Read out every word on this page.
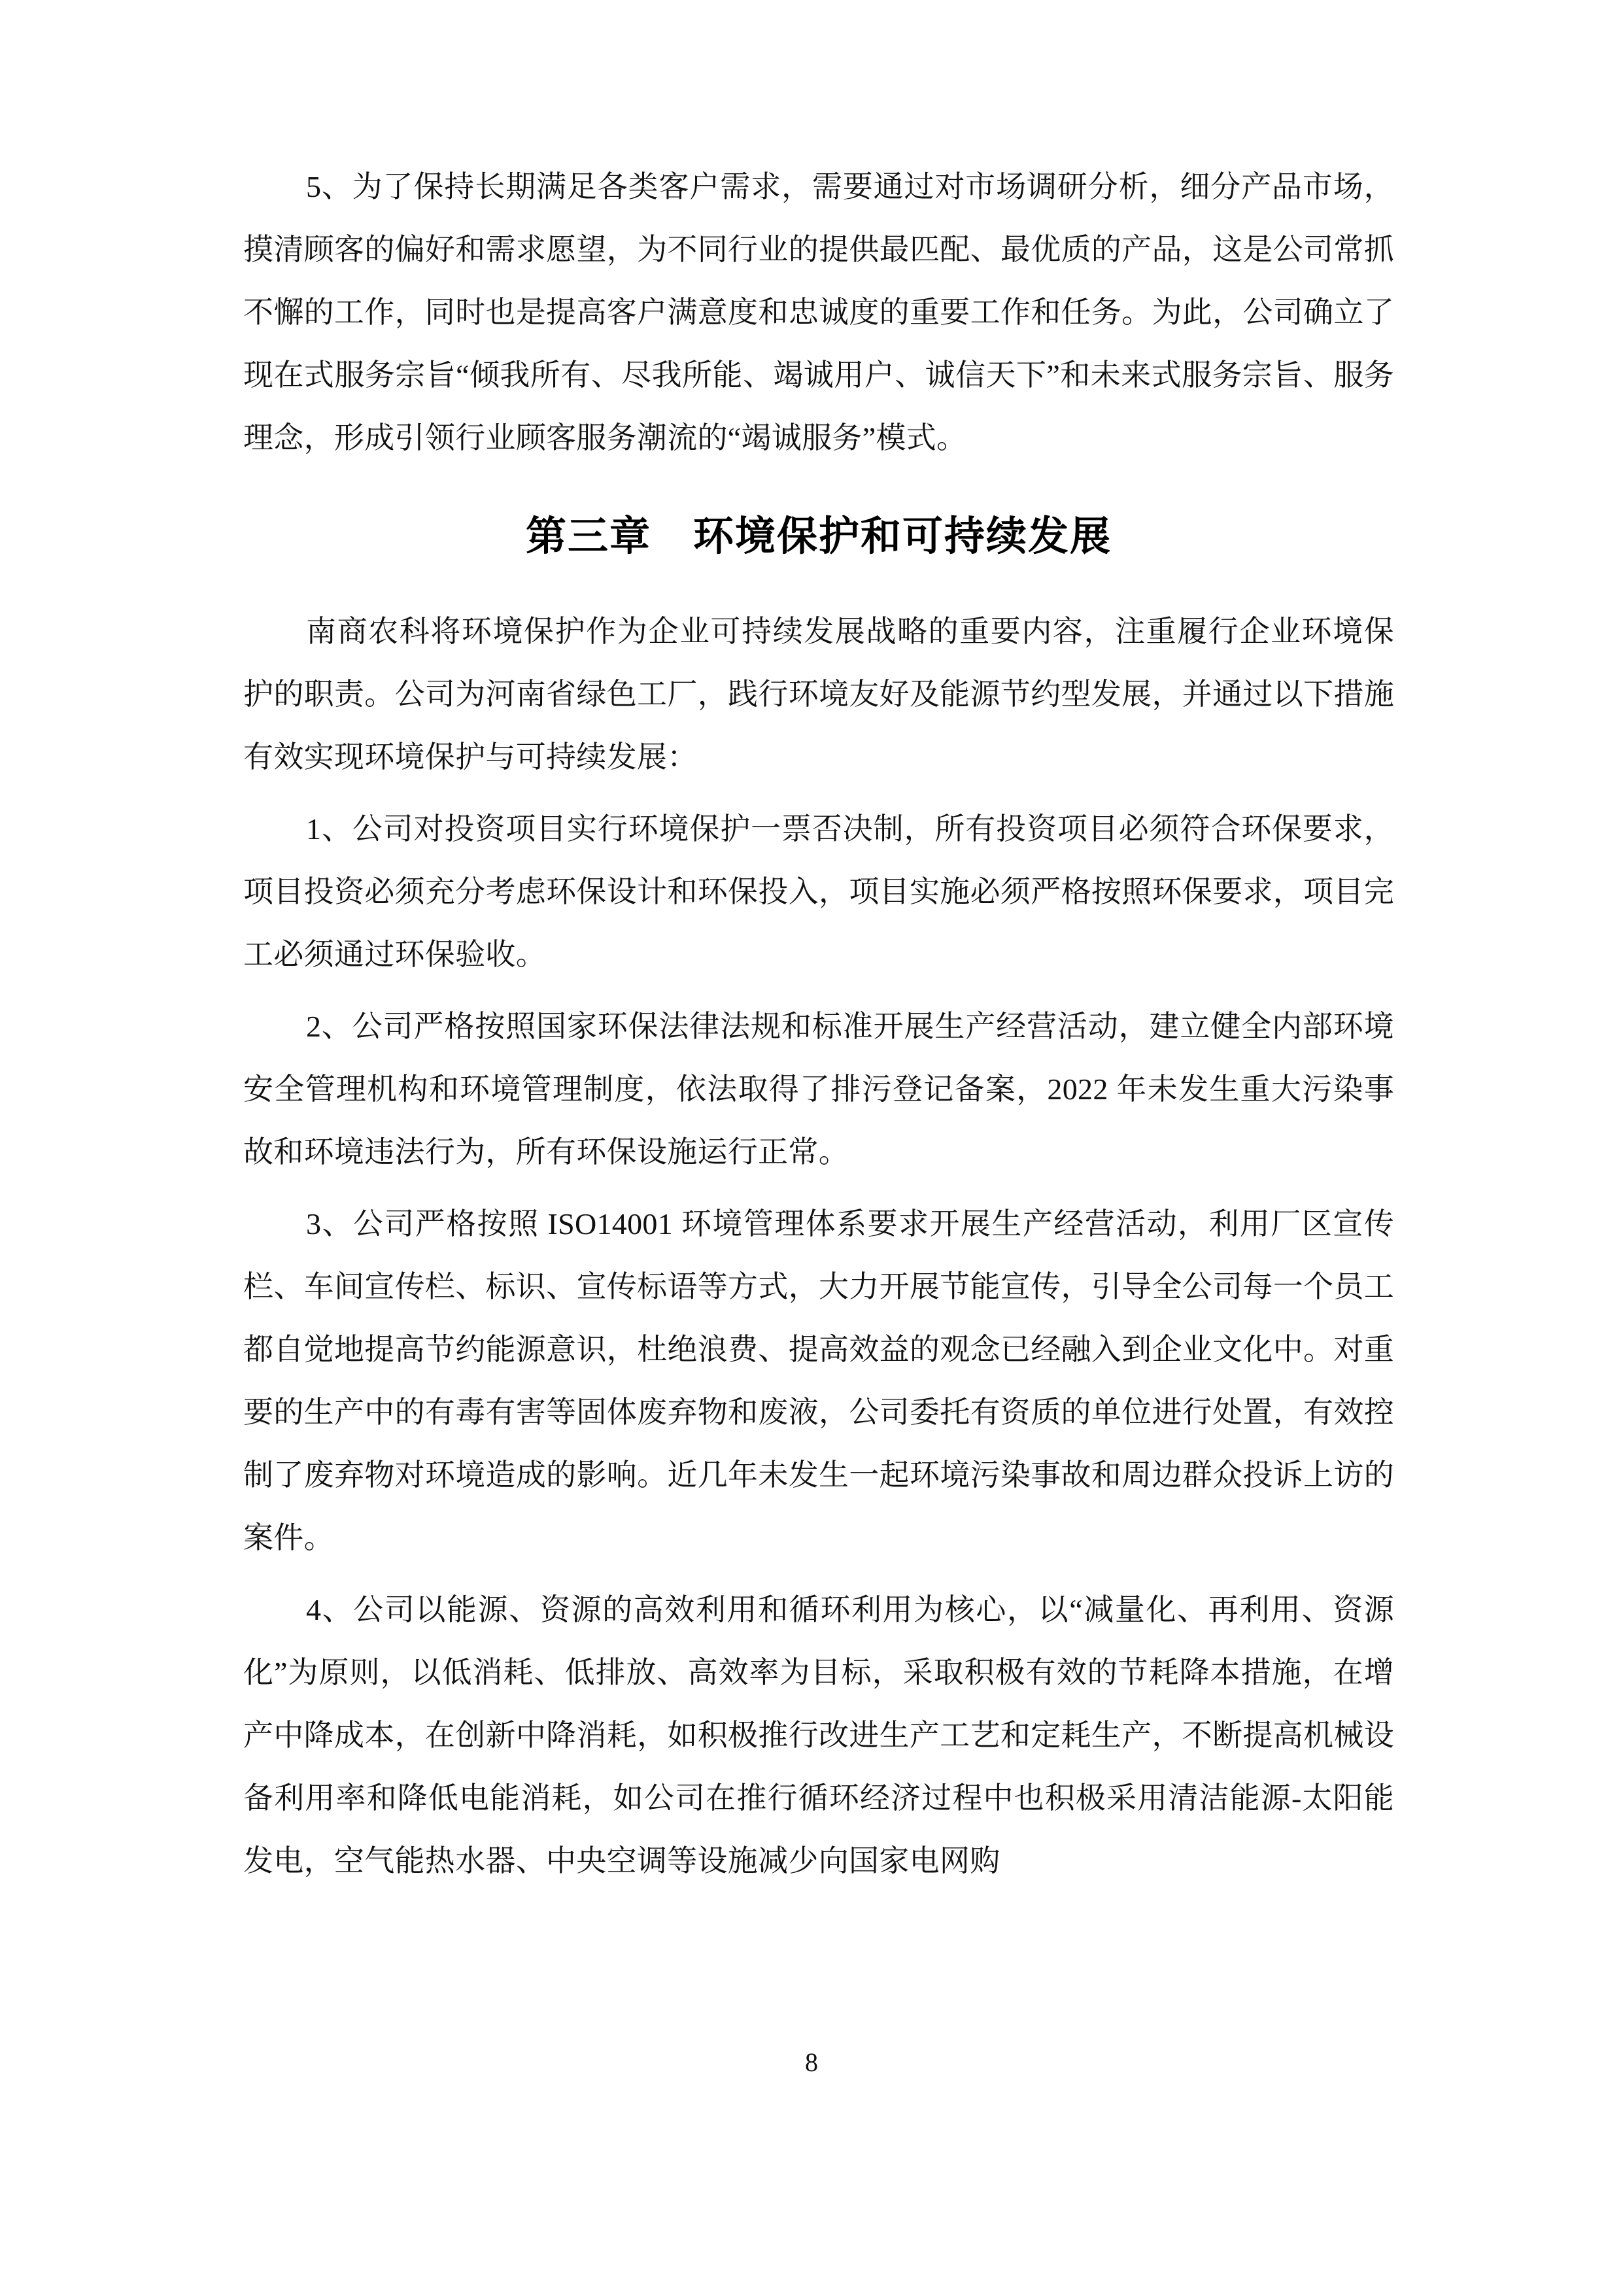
5、为了保持长期满足各类客户需求，需要通过对市场调研分析，细分产品市场，摸清顾客的偏好和需求愿望，为不同行业的提供最匹配、最优质的产品，这是公司常抓不懈的工作，同时也是提高客户满意度和忠诚度的重要工作和任务。为此，公司确立了现在式服务宗旨“倾我所有、尽我所能、竭诚用户、诚信天下”和未来式服务宗旨、服务理念，形成引领行业顾客服务潮流的“竭诚服务”模式。

第三章　环境保护和可持续发展

南商农科将环境保护作为企业可持续发展战略的重要内容，注重履行企业环境保护的职责。公司为河南省绿色工厂，践行环境友好及能源节约型发展，并通过以下措施有效实现环境保护与可持续发展：

1、公司对投资项目实行环境保护一票否决制，所有投资项目必须符合环保要求，项目投资必须充分考虑环保设计和环保投入，项目实施必须严格按照环保要求，项目完工必须通过环保验收。

2、公司严格按照国家环保法律法规和标准开展生产经营活动，建立健全内部环境安全管理机构和环境管理制度，依法取得了排污登记备案，2022 年未发生重大污染事故和环境违法行为，所有环保设施运行正常。

3、公司严格按照 ISO14001 环境管理体系要求开展生产经营活动，利用厂区宣传栏、车间宣传栏、标识、宣传标语等方式，大力开展节能宣传，引导全公司每一个员工都自觉地提高节约能源意识，杜绝浪费、提高效益的观念已经融入到企业文化中。对重要的生产中的有毒有害等固体废弃物和废液，公司委托有资质的单位进行处置，有效控制了废弃物对环境造成的影响。近几年未发生一起环境污染事故和周边群众投诉上访的案件。

4、公司以能源、资源的高效利用和循环利用为核心，以“减量化、再利用、资源化”为原则，以低消耗、低排放、高效率为目标，采取积极有效的节耗降本措施，在增产中降成本，在创新中降消耗，如积极推行改进生产工艺和定耗生产，不断提高机械设备利用率和降低电能消耗，如公司在推行循环经济过程中也积极采用清洁能源-太阳能发电，空气能热水器、中央空调等设施减少向国家电网购

8
